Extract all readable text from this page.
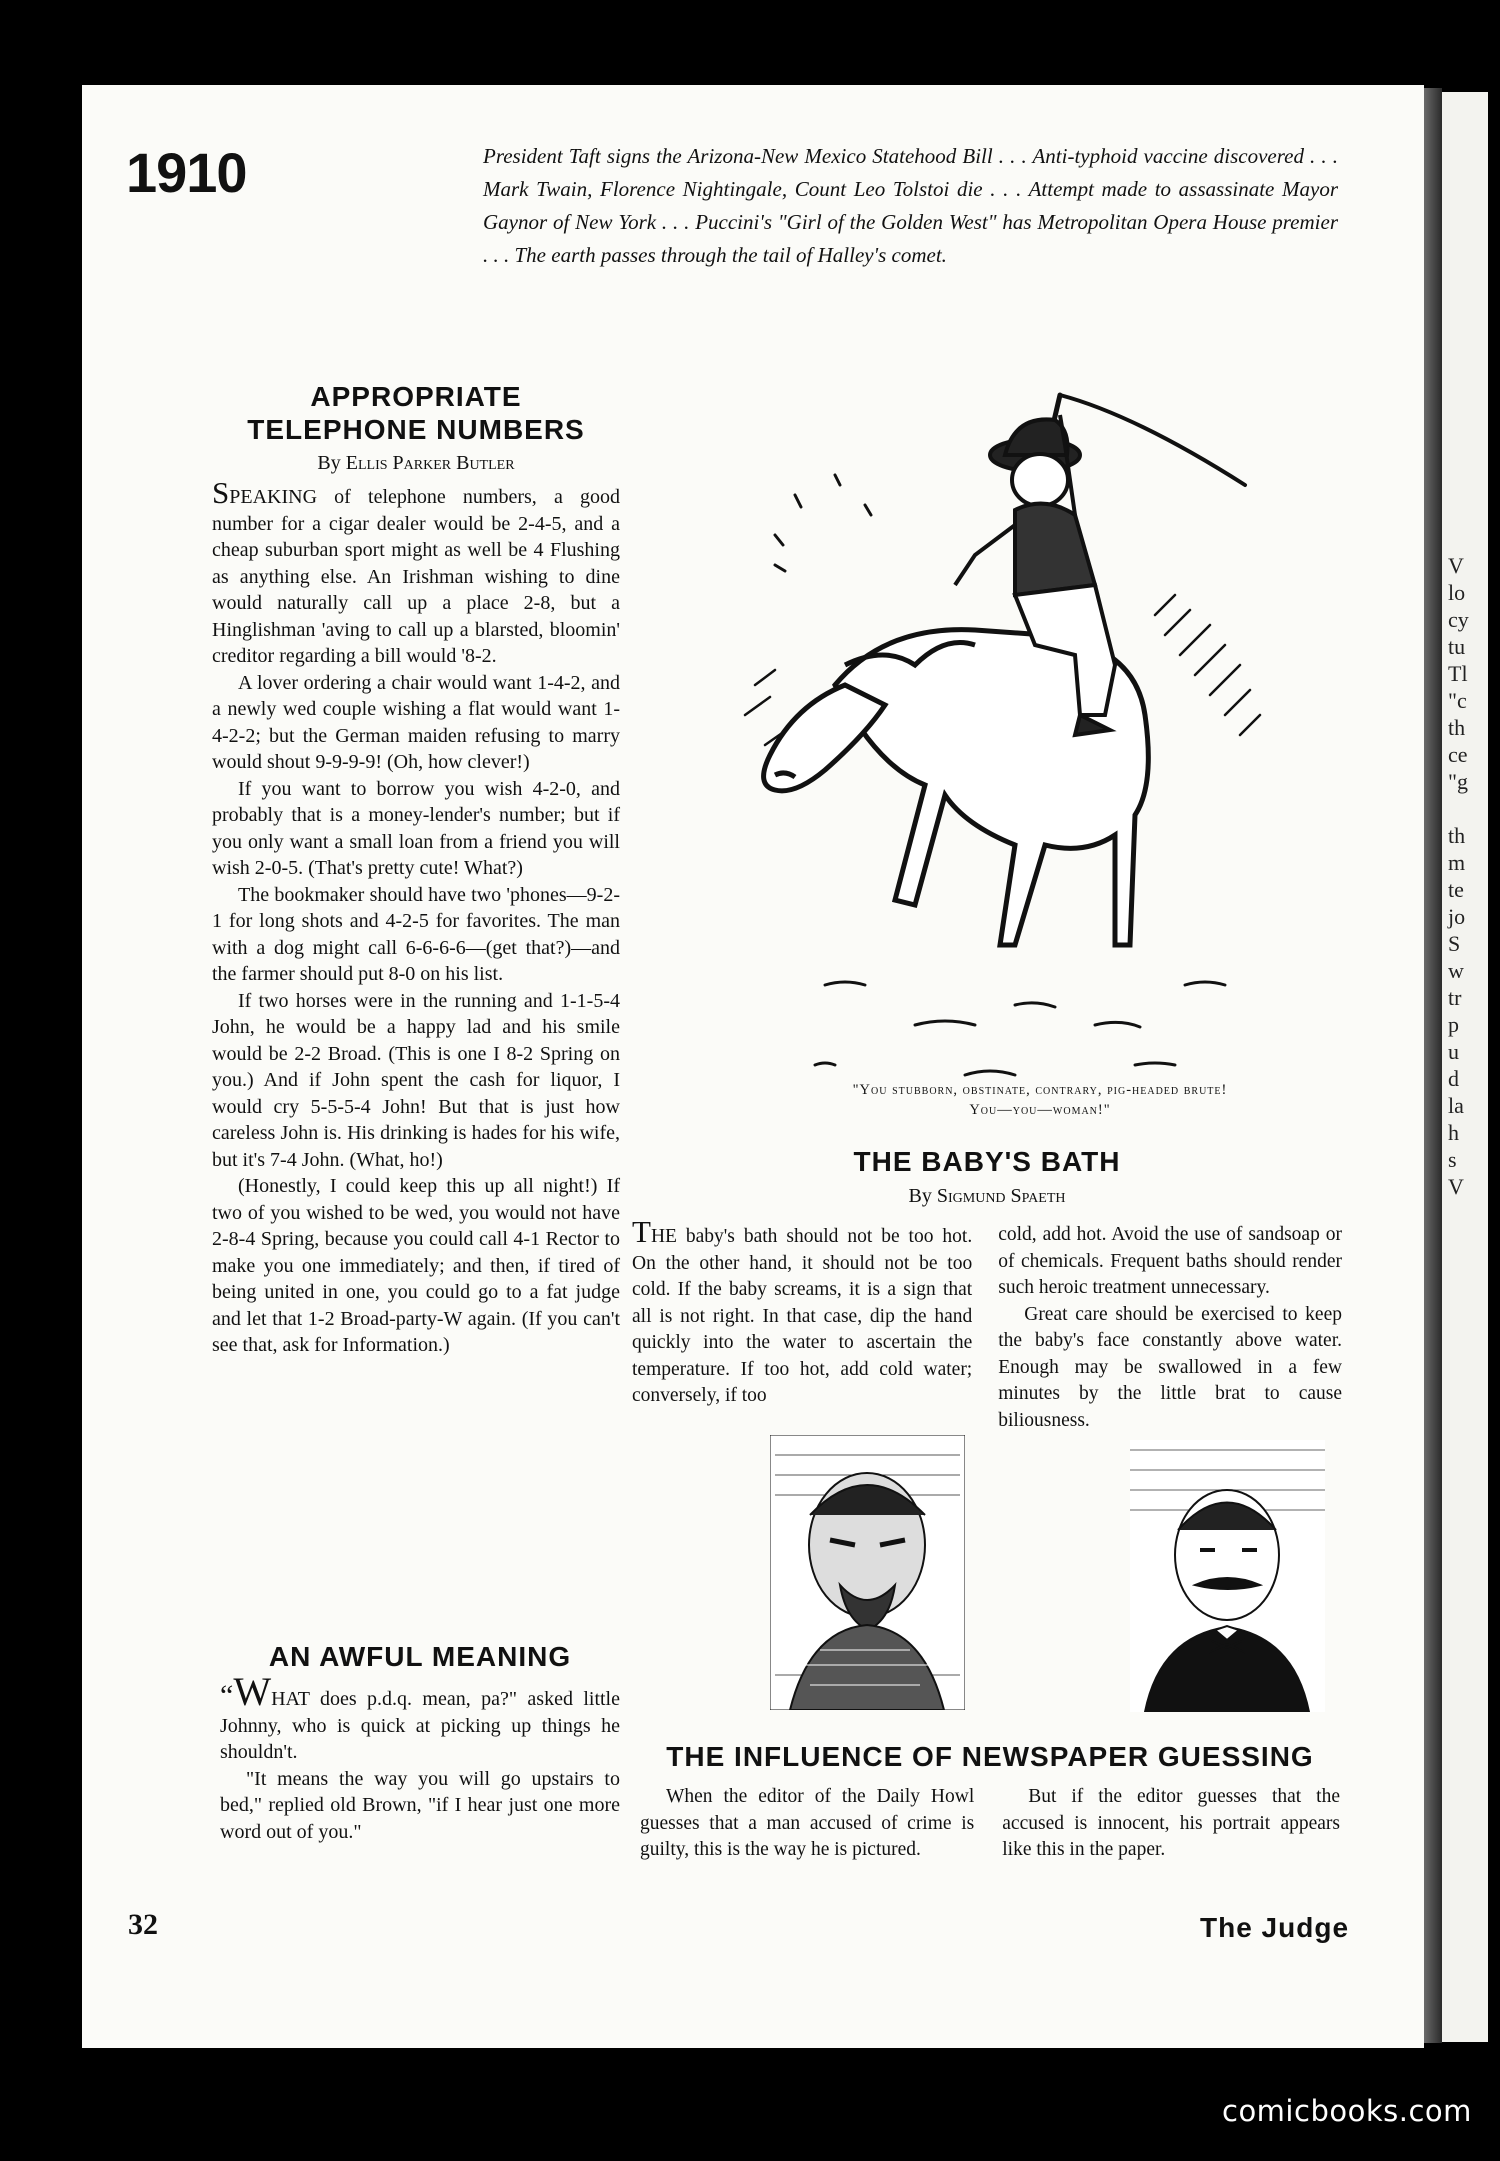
V
lo
cy
tu
Tl
"c
th
ce
"g

th
m
te
jo
S
w
tr
p
u
d
la
h
s
V
1910	President Taft signs the Arizona-New Mexico Statehood Bill . . . Anti-typhoid vaccine discovered . . . Mark Twain, Florence Nightingale, Count Leo Tolstoi die . . . Attempt made to assassinate Mayor Gaynor of New York . . . Puccini's "Girl of the Golden West" has Metropolitan Opera House premier . . . The earth passes through the tail of Halley's comet.
APPROPRIATE
TELEPHONE NUMBERS
By Ellis Parker Butler

SPEAKING of telephone numbers, a good number for a cigar dealer would be 2-4-5, and a cheap suburban sport might as well be 4 Flushing as anything else. An Irishman wishing to dine would naturally call up a place 2-8, but a Hinglishman 'aving to call up a blarsted, bloomin' creditor regarding a bill would '8-2.

A lover ordering a chair would want 1-4-2, and a newly wed couple wishing a flat would want 1-4-2-2; but the German maiden refusing to marry would shout 9-9-9-9! (Oh, how clever!)

If you want to borrow you wish 4-2-0, and probably that is a money-lender's number; but if you only want a small loan from a friend you will wish 2-0-5. (That's pretty cute! What?)

The bookmaker should have two 'phones—9-2-1 for long shots and 4-2-5 for favorites. The man with a dog might call 6-6-6-6—(get that?)—and the farmer should put 8-0 on his list.

If two horses were in the running and 1-1-5-4 John, he would be a happy lad and his smile would be 2-2 Broad. (This is one I 8-2 Spring on you.) And if John spent the cash for liquor, I would cry 5-5-5-4 John! But that is just how careless John is. His drinking is hades for his wife, but it's 7-4 John. (What, ho!)

(Honestly, I could keep this up all night!) If two of you wished to be wed, you would not have 2-8-4 Spring, because you could call 4-1 Rector to make you one immediately; and then, if tired of being united in one, you could go to a fat judge and let that 1-2 Broad-party-W again. (If you can't see that, ask for Information.)

AN AWFUL MEANING

“WHAT does p.d.q. mean, pa?" asked little Johnny, who is quick at picking up things he shouldn't.

"It means the way you will go upstairs to bed," replied old Brown, "if I hear just one more word out of you."

"You stubborn, obstinate, contrary, pig-headed brute!
You—you—woman!"
THE BABY'S BATH
By Sigmund Spaeth

THE baby's bath should not be too hot. On the other hand, it should not be too cold. If the baby screams, it is a sign that all is not right. In that case, dip the hand quickly into the water to ascertain the temperature. If too hot, add cold water; conversely, if too

cold, add hot. Avoid the use of sandsoap or of chemicals. Frequent baths should render such heroic treatment unnecessary.

Great care should be exercised to keep the baby's face constantly above water. Enough may be swallowed in a few minutes by the little brat to cause biliousness.

THE INFLUENCE OF NEWSPAPER GUESSING
When the editor of the Daily Howl guesses that a man accused of crime is guilty, this is the way he is pictured.
But if the editor guesses that the accused is innocent, his portrait appears like this in the paper.
32	The Judge
comicbooks.com
